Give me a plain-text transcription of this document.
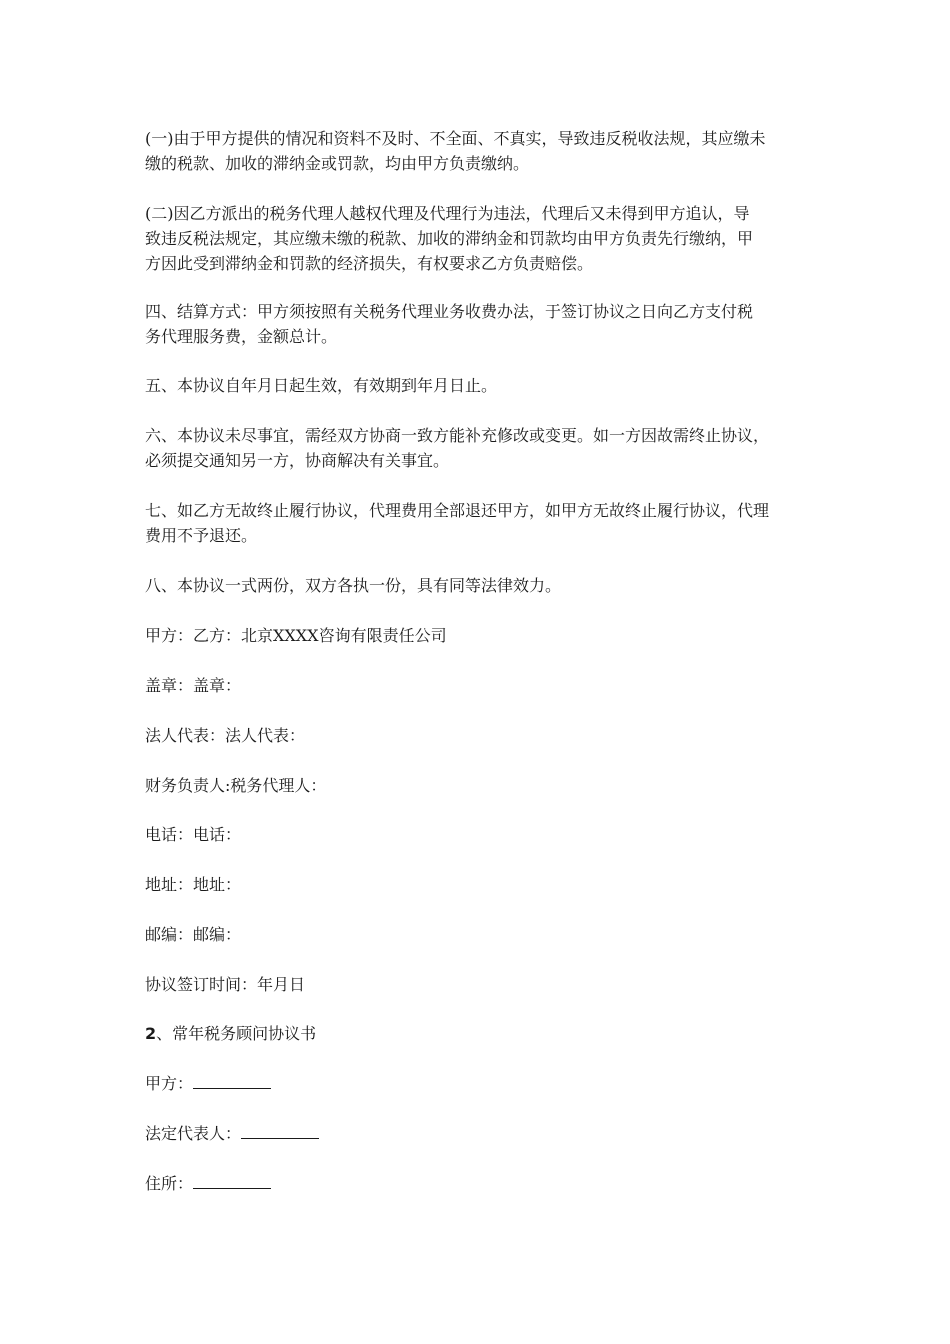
(一)由于甲方提供的情况和资料不及时、不全面、不真实，导致违反税收法规，其应缴未
缴的税款、加收的滞纳金或罚款，均由甲方负责缴纳。

(二)因乙方派出的税务代理人越权代理及代理行为违法，代理后又未得到甲方追认，导
致违反税法规定，其应缴未缴的税款、加收的滞纳金和罚款均由甲方负责先行缴纳，甲
方因此受到滞纳金和罚款的经济损失，有权要求乙方负责赔偿。

四、结算方式：甲方须按照有关税务代理业务收费办法，于签订协议之日向乙方支付税
务代理服务费，金额总计。

五、本协议自年月日起生效，有效期到年月日止。

六、本协议未尽事宜，需经双方协商一致方能补充修改或变更。如一方因故需终止协议，
必须提交通知另一方，协商解决有关事宜。

七、如乙方无故终止履行协议，代理费用全部退还甲方，如甲方无故终止履行协议，代理
费用不予退还。

八、本协议一式两份，双方各执一份，具有同等法律效力。

甲方：乙方：北京XXXX咨询有限责任公司

盖章：盖章：

法人代表：法人代表：

财务负责人:税务代理人：

电话：电话：

地址：地址：

邮编：邮编：

协议签订时间：年月日

2、常年税务顾问协议书

甲方：

法定代表人：

住所：
